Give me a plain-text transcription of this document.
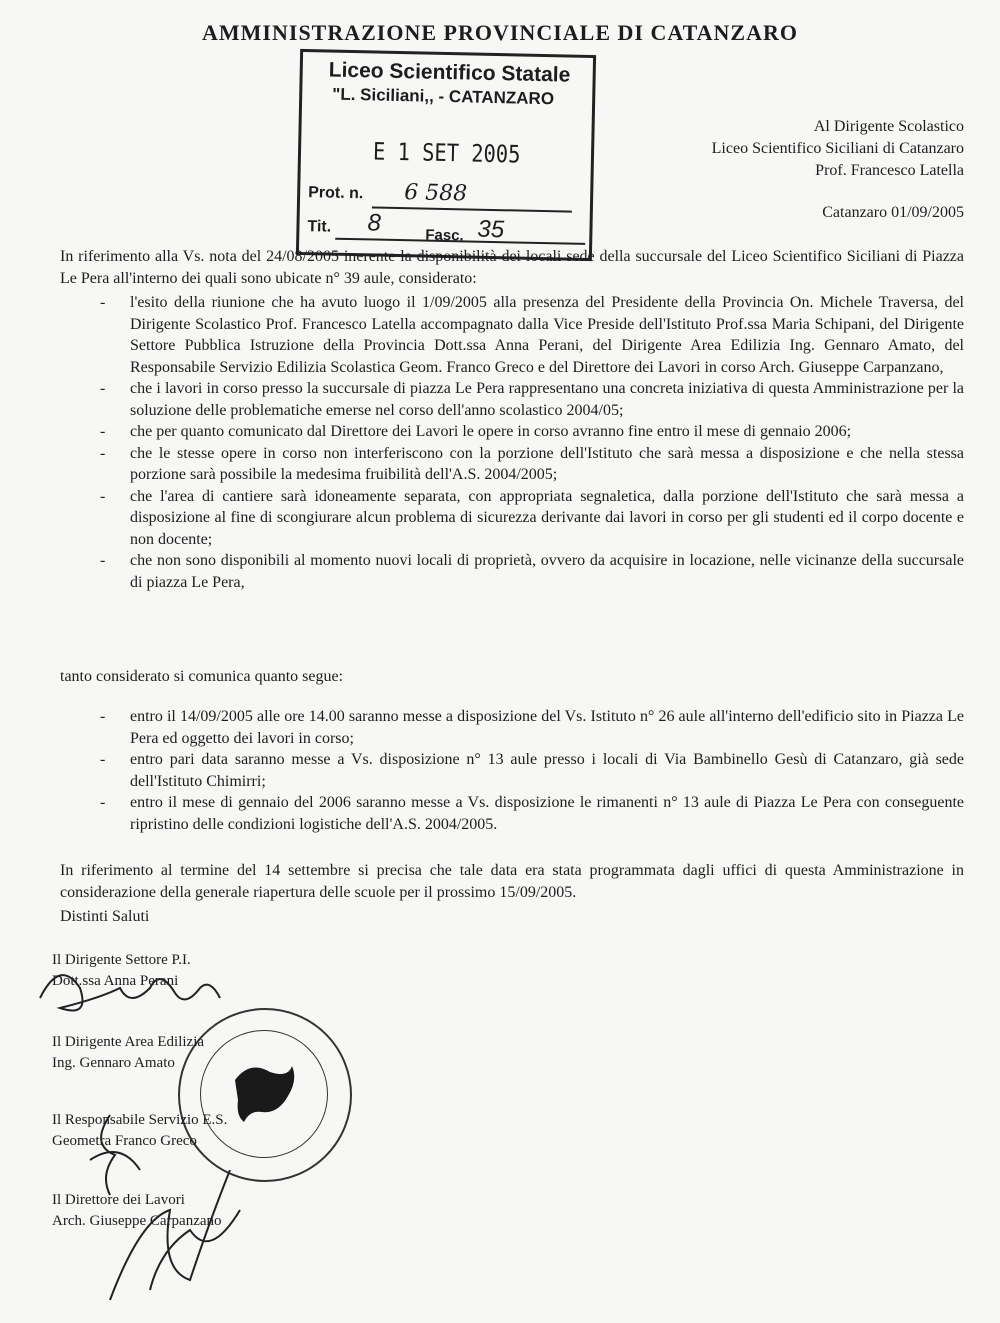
AMMINISTRAZIONE PROVINCIALE DI CATANZARO
Liceo Scientifico Statale
"L. Siciliani,, - CATANZARO
E 1 SET 2005
Prot. n. 6 588
Tit. 8	Fasc. 35
Al Dirigente Scolastico
Liceo Scientifico Siciliani di Catanzaro
Prof. Francesco Latella
Catanzaro 01/09/2005
In riferimento alla Vs. nota del 24/08/2005 inerente la disponibilità dei locali sede della succursale del Liceo Scientifico Siciliani di Piazza Le Pera all'interno dei quali sono ubicate n° 39 aule, considerato:
- l'esito della riunione che ha avuto luogo il 1/09/2005 alla presenza del Presidente della Provincia On. Michele Traversa, del Dirigente Scolastico Prof. Francesco Latella accompagnato dalla Vice Preside dell'Istituto Prof.ssa Maria Schipani, del Dirigente Settore Pubblica Istruzione della Provincia Dott.ssa Anna Perani, del Dirigente Area Edilizia Ing. Gennaro Amato, del Responsabile Servizio Edilizia Scolastica Geom. Franco Greco e del Direttore dei Lavori in corso Arch. Giuseppe Carpanzano,
- che i lavori in corso presso la succursale di piazza Le Pera rappresentano una concreta iniziativa di questa Amministrazione per la soluzione delle problematiche emerse nel corso dell'anno scolastico 2004/05;
- che per quanto comunicato dal Direttore dei Lavori le opere in corso avranno fine entro il mese di gennaio 2006;
- che le stesse opere in corso non interferiscono con la porzione dell'Istituto che sarà messa a disposizione e che nella stessa porzione sarà possibile la medesima fruibilità dell'A.S. 2004/2005;
- che l'area di cantiere sarà idoneamente separata, con appropriata segnaletica, dalla porzione dell'Istituto che sarà messa a disposizione al fine di scongiurare alcun problema di sicurezza derivante dai lavori in corso per gli studenti ed il corpo docente e non docente;
- che non sono disponibili al momento nuovi locali di proprietà, ovvero da acquisire in locazione, nelle vicinanze della succursale di piazza Le Pera,
tanto considerato si comunica quanto segue:
- entro il 14/09/2005 alle ore 14.00 saranno messe a disposizione del Vs. Istituto n° 26 aule all'interno dell'edificio sito in Piazza Le Pera ed oggetto dei lavori in corso;
- entro pari data saranno messe a Vs. disposizione n° 13 aule presso i locali di Via Bambinello Gesù di Catanzaro, già sede dell'Istituto Chimirri;
- entro il mese di gennaio del 2006 saranno messe a Vs. disposizione le rimanenti n° 13 aule di Piazza Le Pera con conseguente ripristino delle condizioni logistiche dell'A.S. 2004/2005.
In riferimento al termine del 14 settembre si precisa che tale data era stata programmata dagli uffici di questa Amministrazione in considerazione della generale riapertura delle scuole per il prossimo 15/09/2005.
Distinti Saluti
Il Dirigente Settore P.I.
Dott.ssa Anna Perani
Il Dirigente Area Edilizia
Ing. Gennaro Amato
Il Responsabile Servizio E.S.
Geometra Franco Greco
Il Direttore dei Lavori
Arch. Giuseppe Carpanzano
